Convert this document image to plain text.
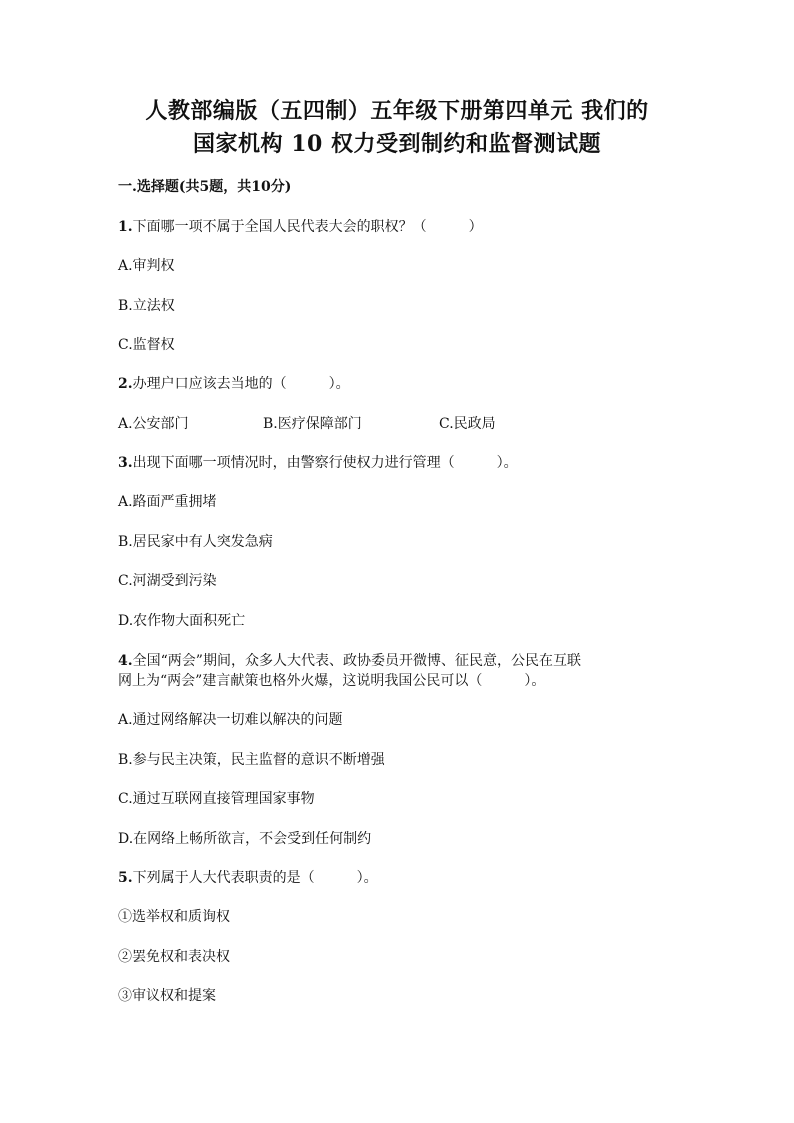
人教部编版（五四制）五年级下册第四单元 我们的
国家机构 10 权力受到制约和监督测试题
一.选择题(共5题，共10分)
1.下面哪一项不属于全国人民代表大会的职权？（　　　）
A.审判权
B.立法权
C.监督权
2.办理户口应该去当地的（　　　）。
A.公安部门	B.医疗保障部门	C.民政局
3.出现下面哪一项情况时，由警察行使权力进行管理（　　　）。
A.路面严重拥堵
B.居民家中有人突发急病
C.河湖受到污染
D.农作物大面积死亡
4.全国“两会”期间，众多人大代表、政协委员开微博、征民意，公民在互联
网上为“两会”建言献策也格外火爆，这说明我国公民可以（　　　）。
A.通过网络解决一切难以解决的问题
B.参与民主决策，民主监督的意识不断增强
C.通过互联网直接管理国家事物
D.在网络上畅所欲言，不会受到任何制约
5.下列属于人大代表职责的是（　　　）。
①选举权和质询权
②罢免权和表决权
③审议权和提案
